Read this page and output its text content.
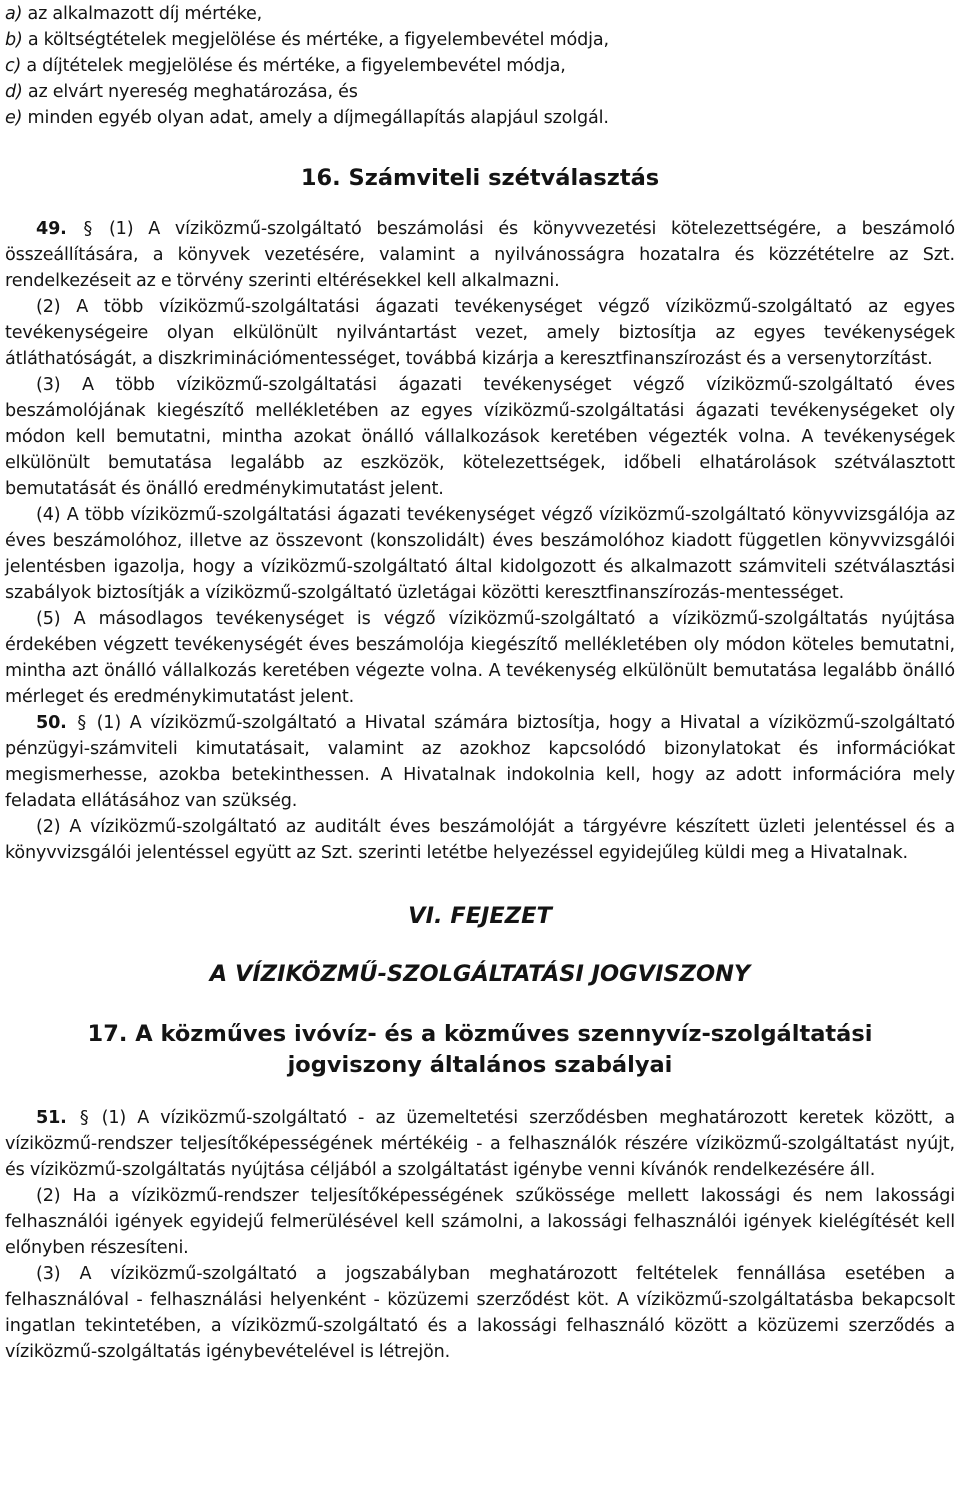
a) az alkalmazott díj mértéke,
b) a költségtételek megjelölése és mértéke, a figyelembevétel módja,
c) a díjtételek megjelölése és mértéke, a figyelembevétel módja,
d) az elvárt nyereség meghatározása, és
e) minden egyéb olyan adat, amely a díjmegállapítás alapjául szolgál.
16. Számviteli szétválasztás

49. § (1) A víziközmű-szolgáltató beszámolási és könyvvezetési kötelezettségére, a beszámoló összeállítására, a könyvek vezetésére, valamint a nyilvánosságra hozatalra és közzétételre az Szt. rendelkezéseit az e törvény szerinti eltérésekkel kell alkalmazni.

(2) A több víziközmű-szolgáltatási ágazati tevékenységet végző víziközmű-szolgáltató az egyes tevékenységeire olyan elkülönült nyilvántartást vezet, amely biztosítja az egyes tevékenységek átláthatóságát, a diszkriminációmentességet, továbbá kizárja a keresztfinanszírozást és a versenytorzítást.

(3) A több víziközmű-szolgáltatási ágazati tevékenységet végző víziközmű-szolgáltató éves beszámolójának kiegészítő mellékletében az egyes víziközmű-szolgáltatási ágazati tevékenységeket oly módon kell bemutatni, mintha azokat önálló vállalkozások keretében végezték volna. A tevékenységek elkülönült bemutatása legalább az eszközök, kötelezettségek, időbeli elhatárolások szétválasztott bemutatását és önálló eredménykimutatást jelent.

(4) A több víziközmű-szolgáltatási ágazati tevékenységet végző víziközmű-szolgáltató könyvvizsgálója az éves beszámolóhoz, illetve az összevont (konszolidált) éves beszámolóhoz kiadott független könyvvizsgálói jelentésben igazolja, hogy a víziközmű-szolgáltató által kidolgozott és alkalmazott számviteli szétválasztási szabályok biztosítják a víziközmű-szolgáltató üzletágai közötti keresztfinanszírozás-mentességet.

(5) A másodlagos tevékenységet is végző víziközmű-szolgáltató a víziközmű-szolgáltatás nyújtása érdekében végzett tevékenységét éves beszámolója kiegészítő mellékletében oly módon köteles bemutatni, mintha azt önálló vállalkozás keretében végezte volna. A tevékenység elkülönült bemutatása legalább önálló mérleget és eredménykimutatást jelent.

50. § (1) A víziközmű-szolgáltató a Hivatal számára biztosítja, hogy a Hivatal a víziközmű-szolgáltató pénzügyi-számviteli kimutatásait, valamint az azokhoz kapcsolódó bizonylatokat és információkat megismerhesse, azokba betekinthessen. A Hivatalnak indokolnia kell, hogy az adott információra mely feladata ellátásához van szükség.

(2) A víziközmű-szolgáltató az auditált éves beszámolóját a tárgyévre készített üzleti jelentéssel és a könyvvizsgálói jelentéssel együtt az Szt. szerinti letétbe helyezéssel egyidejűleg küldi meg a Hivatalnak.

VI. FEJEZET
A VÍZIKÖZMŰ-SZOLGÁLTATÁSI JOGVISZONY
17. A közműves ivóvíz- és a közműves szennyvíz-szolgáltatási
jogviszony általános szabályai

51. § (1) A víziközmű-szolgáltató - az üzemeltetési szerződésben meghatározott keretek között, a víziközmű-rendszer teljesítőképességének mértékéig - a felhasználók részére víziközmű-szolgáltatást nyújt, és víziközmű-szolgáltatás nyújtása céljából a szolgáltatást igénybe venni kívánók rendelkezésére áll.

(2) Ha a víziközmű-rendszer teljesítőképességének szűkössége mellett lakossági és nem lakossági felhasználói igények egyidejű felmerülésével kell számolni, a lakossági felhasználói igények kielégítését kell előnyben részesíteni.

(3) A víziközmű-szolgáltató a jogszabályban meghatározott feltételek fennállása esetében a felhasználóval - felhasználási helyenként - közüzemi szerződést köt. A víziközmű-szolgáltatásba bekapcsolt ingatlan tekintetében, a víziközmű-szolgáltató és a lakossági felhasználó között a közüzemi szerződés a víziközmű-szolgáltatás igénybevételével is létrejön.
